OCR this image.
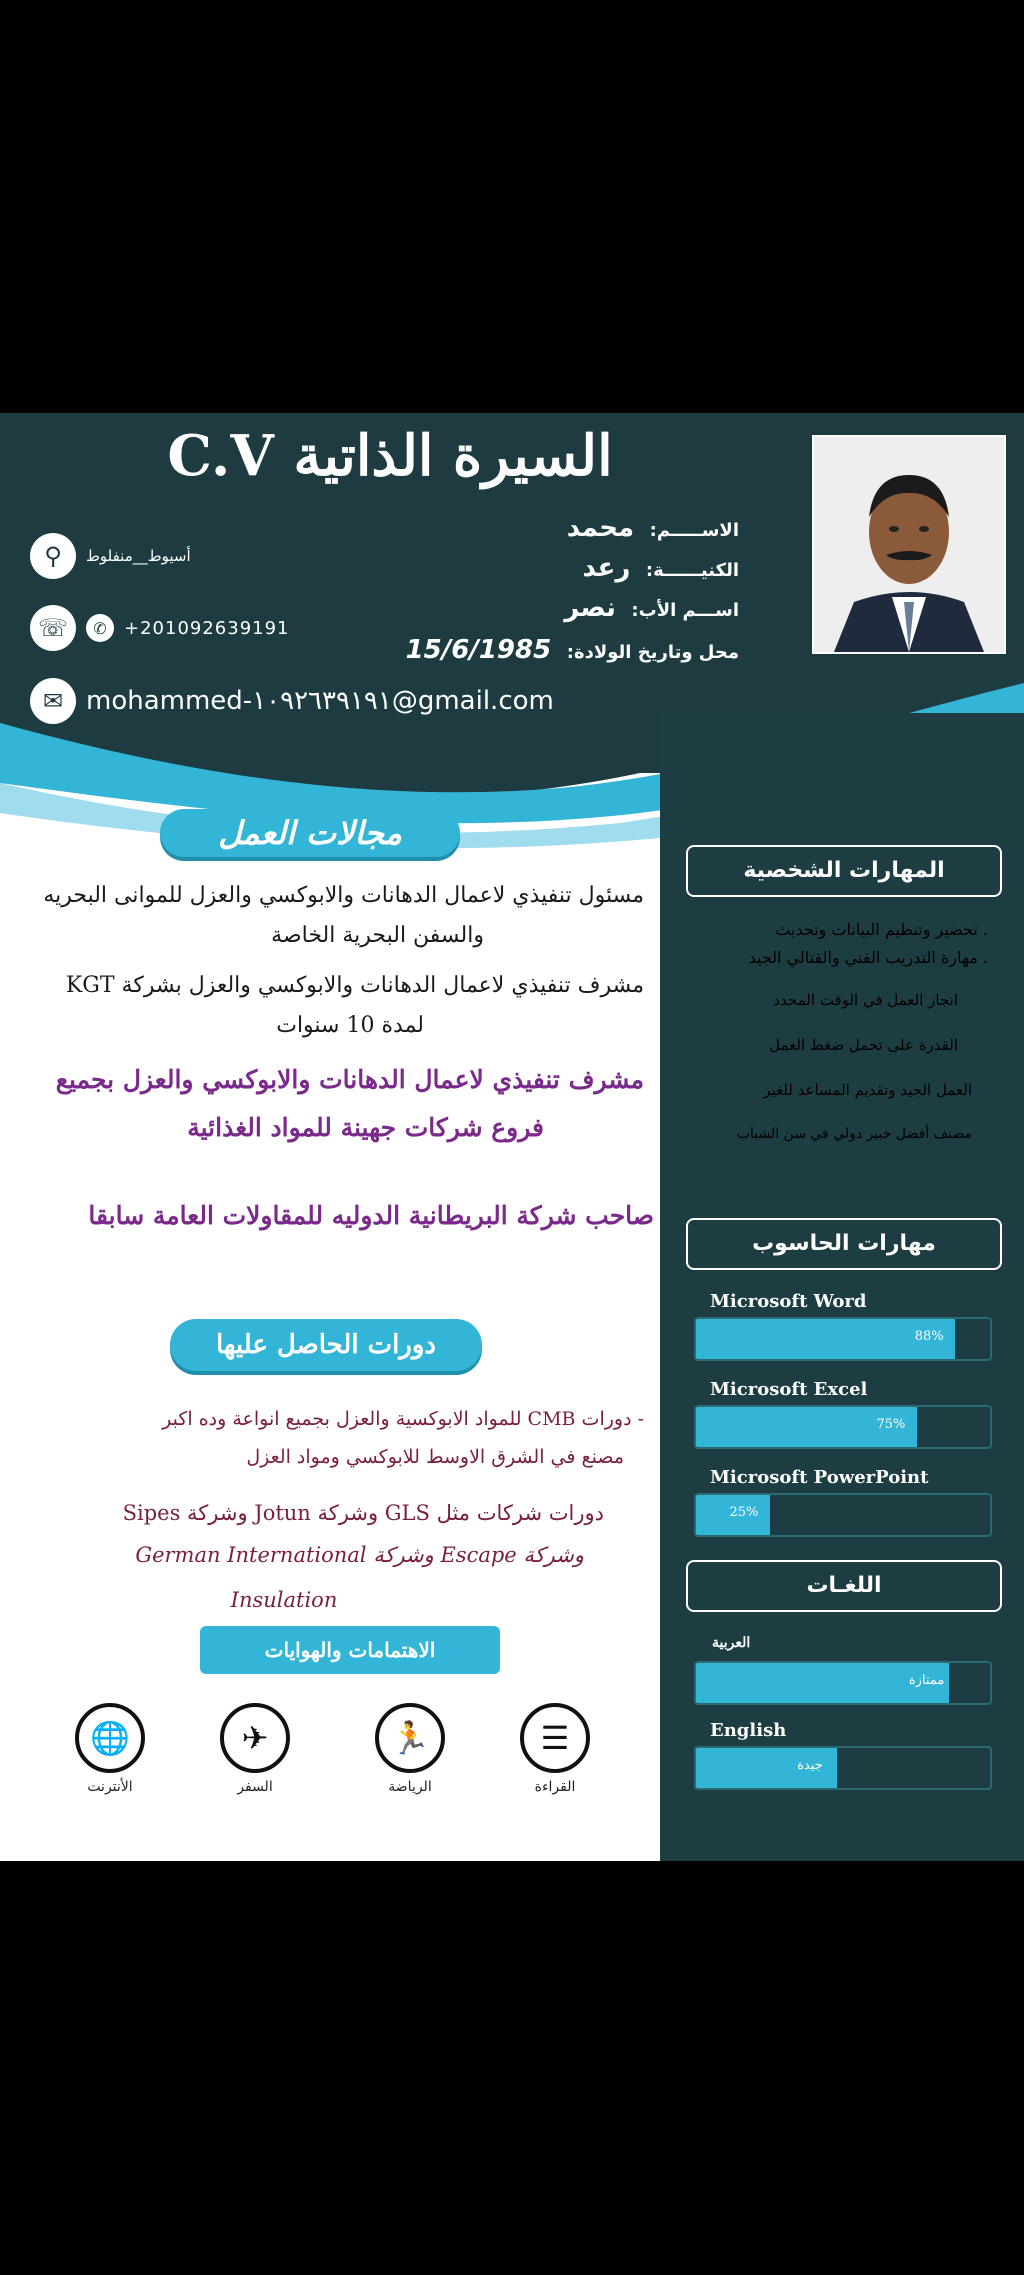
السيرة الذاتية C.V
الاســـــم: محمد
الكنيــــــة: رعد
اســـم الأب: نصر
محل وتاريخ الولادة: 15/6/1985
⚲	أسيوط__منفلوط
☏	✆ +201092639191
✉ mohammed-١٠٩٢٦٣٩١٩١@gmail.com
مجالات العمل
مسئول تنفيذي لاعمال الدهانات والابوكسي والعزل للموانى البحريه
والسفن البحرية الخاصة
مشرف تنفيذي لاعمال الدهانات والابوكسي والعزل بشركة KGT
لمدة 10 سنوات
مشرف تنفيذي لاعمال الدهانات والابوكسي والعزل بجميع
فروع شركات جهينة للمواد الغذائية
صاحب شركة البريطانية الدوليه للمقاولات العامة سابقا
دورات الحاصل عليها
- دورات CMB للمواد الابوكسية والعزل بجميع انواعة وده اكبر
مصنع في الشرق الاوسط للابوكسي ومواد العزل
دورات شركات مثل GLS وشركة Jotun وشركة Sipes
وشركة Escape وشركة German International
Insulation
الاهتمامات والهوايات
☰
القراءة
🏃
الرياضة
✈
السفر
🌐
الأنترنت
المهارات الشخصية
. تحضير وتنظيم البيانات وتحديث
. مهارة التدريب الفني والقتالي الجيد
انجاز العمل في الوقت المحدد
القدرة على تحمل ضغط العمل
العمل الجيد وتقديم المساعد للغير
مصنف أفضل خبير دولي في سن الشباب
مهارات الحاسوب
Microsoft Word
88%
Microsoft Excel
75%
Microsoft PowerPoint
25%
اللغـات
العربية
ممتازة
English
جيدة
